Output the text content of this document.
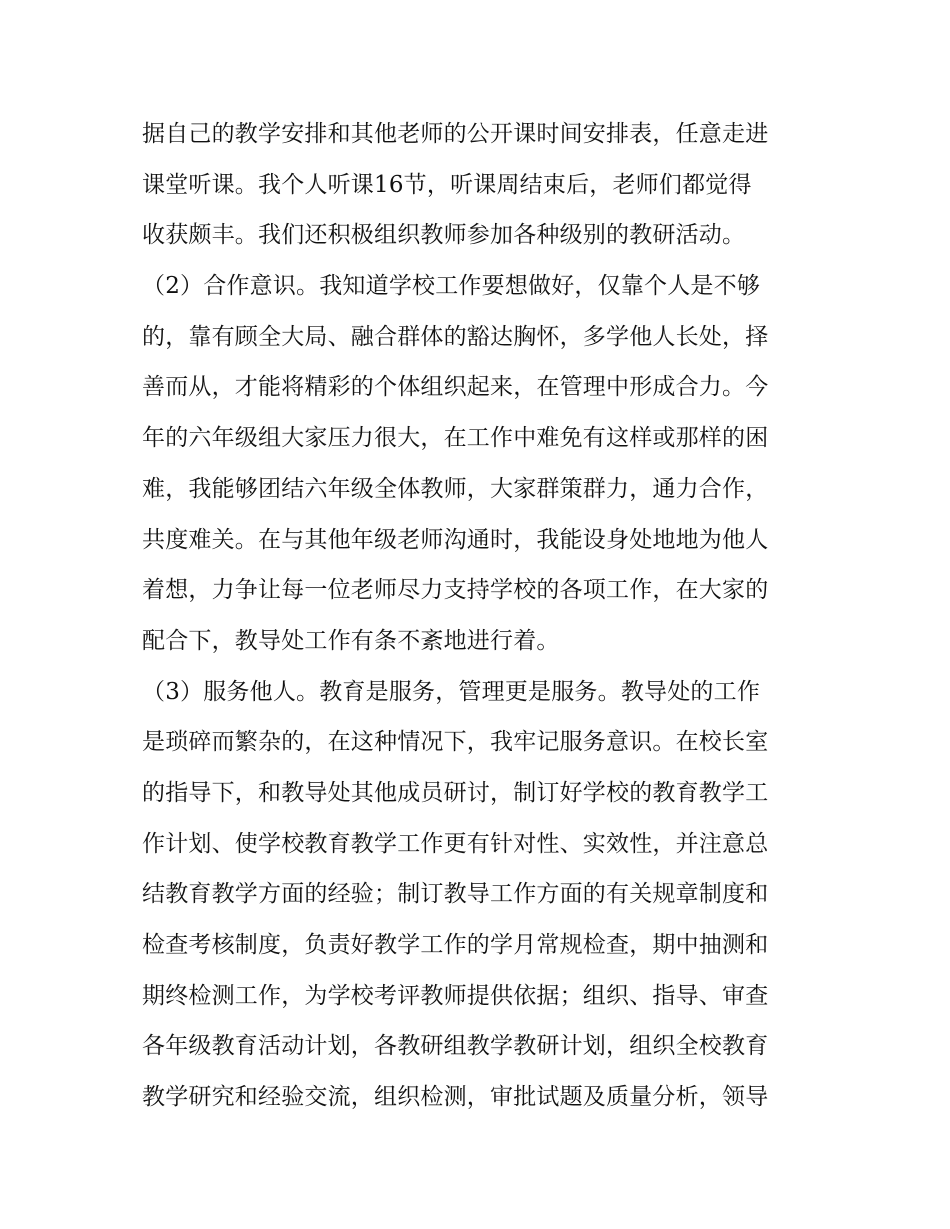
据自己的教学安排和其他老师的公开课时间安排表，任意走进
课堂听课。我个人听课16节，听课周结束后，老师们都觉得
收获颇丰。我们还积极组织教师参加各种级别的教研活动。
（2）合作意识。我知道学校工作要想做好，仅靠个人是不够
的，靠有顾全大局、融合群体的豁达胸怀，多学他人长处，择
善而从，才能将精彩的个体组织起来，在管理中形成合力。今
年的六年级组大家压力很大，在工作中难免有这样或那样的困
难，我能够团结六年级全体教师，大家群策群力，通力合作，
共度难关。在与其他年级老师沟通时，我能设身处地地为他人
着想，力争让每一位老师尽力支持学校的各项工作，在大家的
配合下，教导处工作有条不紊地进行着。
（3）服务他人。教育是服务，管理更是服务。教导处的工作
是琐碎而繁杂的，在这种情况下，我牢记服务意识。在校长室
的指导下，和教导处其他成员研讨，制订好学校的教育教学工
作计划、使学校教育教学工作更有针对性、实效性，并注意总
结教育教学方面的经验；制订教导工作方面的有关规章制度和
检查考核制度，负责好教学工作的学月常规检查，期中抽测和
期终检测工作，为学校考评教师提供依据；组织、指导、审查
各年级教育活动计划，各教研组教学教研计划，组织全校教育
教学研究和经验交流，组织检测，审批试题及质量分析，领导
